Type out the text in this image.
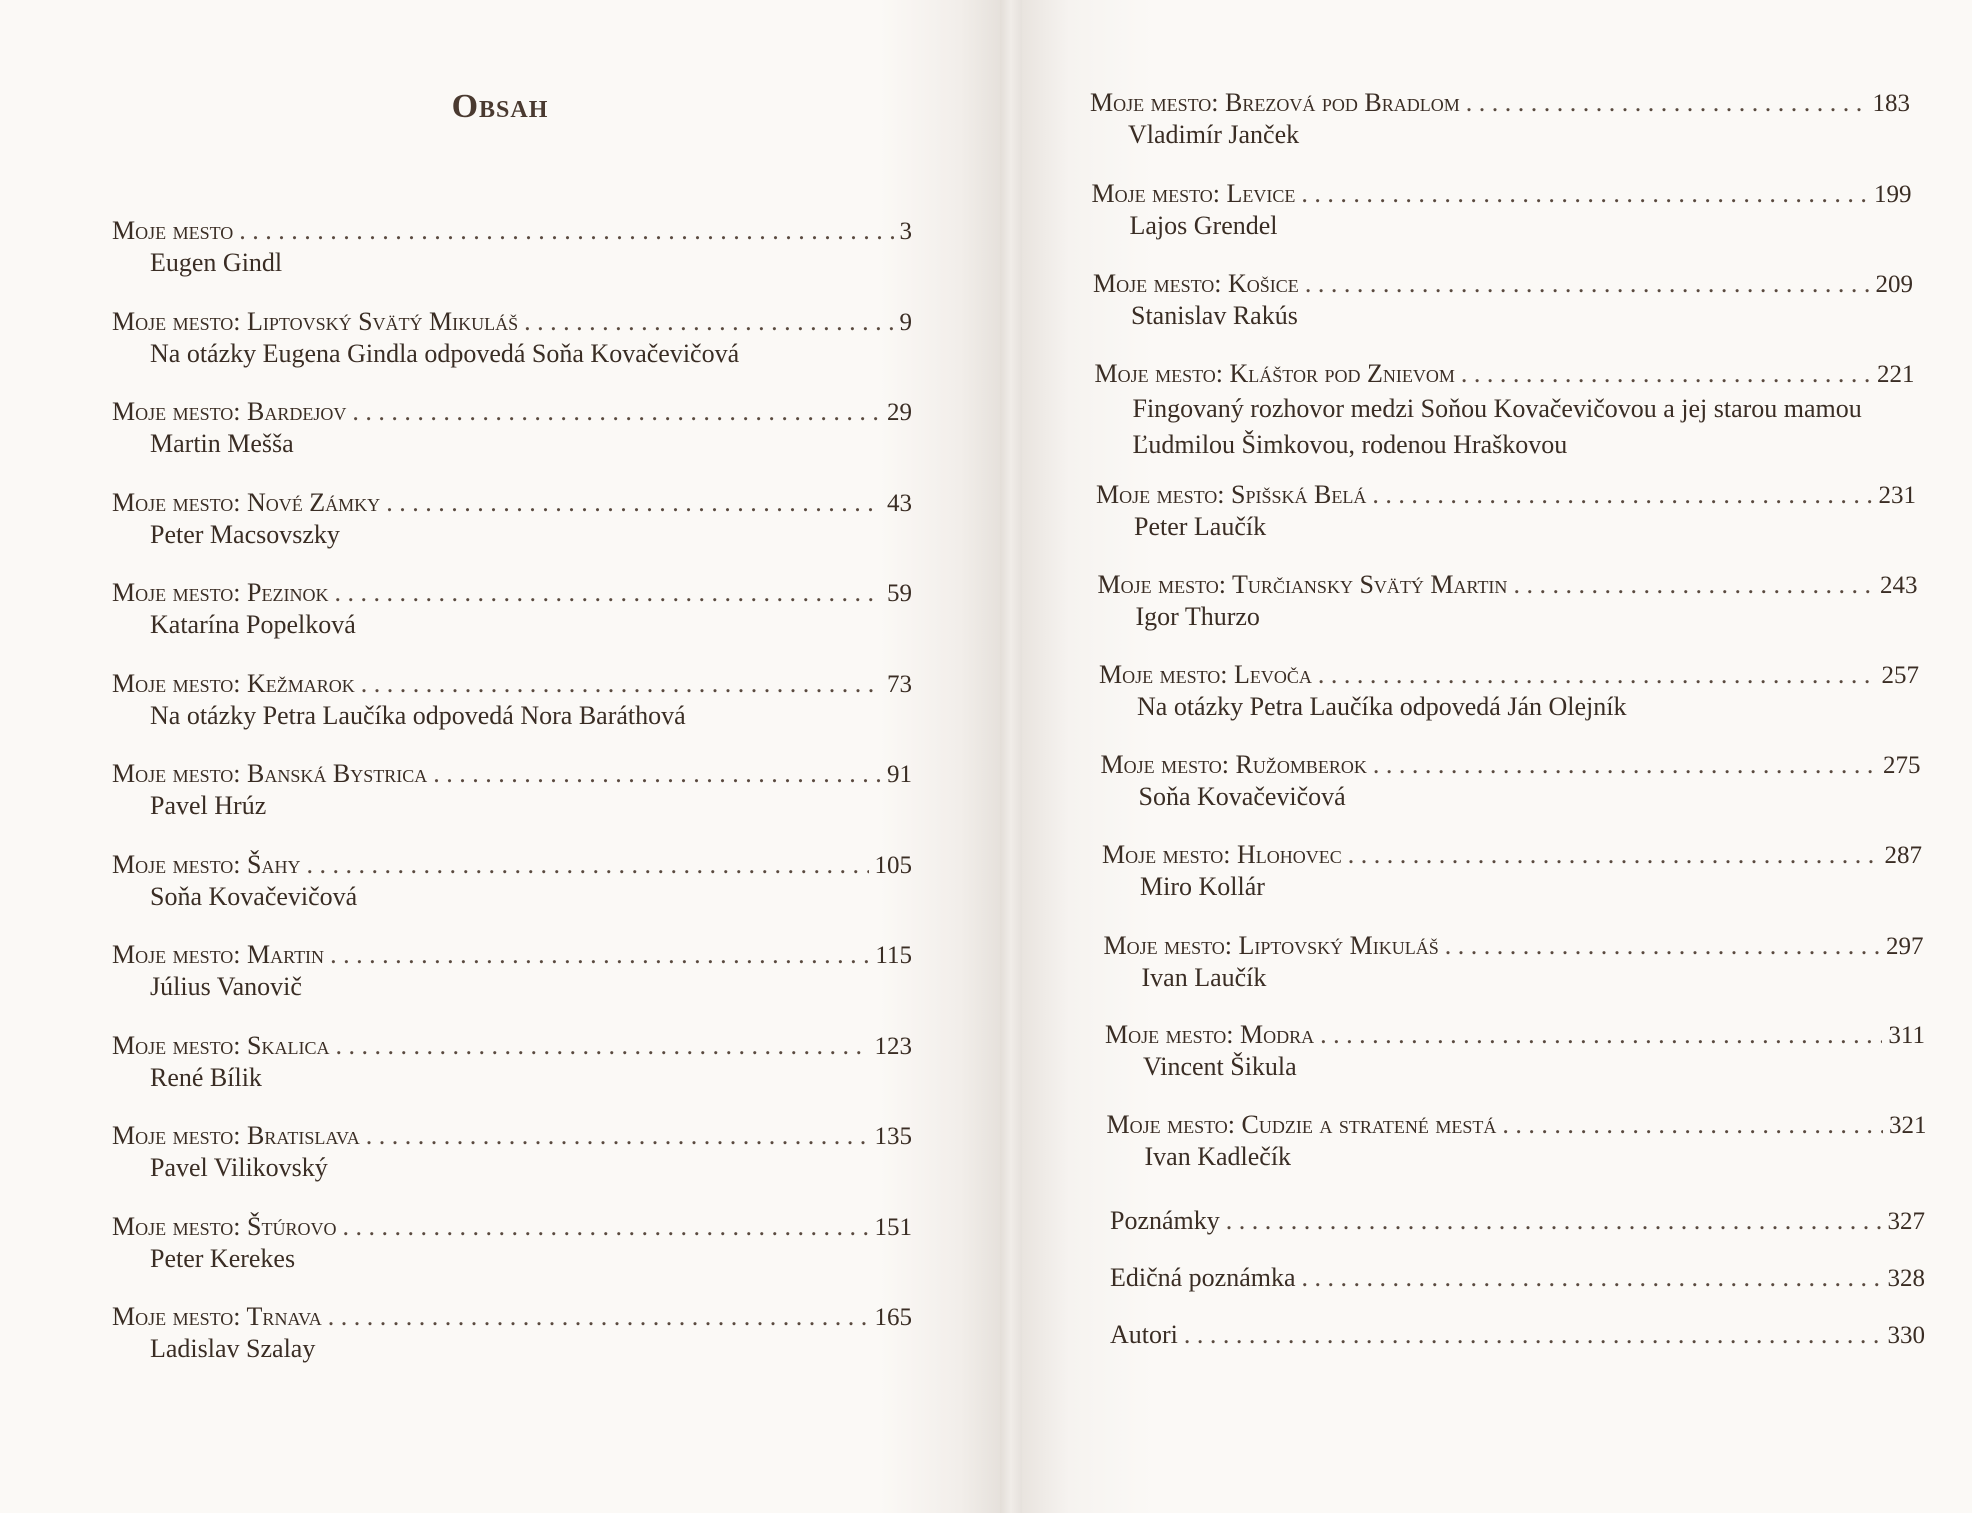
Obsah
Moje mesto . . .	3
Eugen Gindl
Moje mesto: Liptovský Svätý Mikuláš . . .	9
Na otázky Eugena Gindla odpovedá Soňa Kovačevičová
Moje mesto: Bardejov . . .	29
Martin Mešša
Moje mesto: Nové Zámky . . .	43
Peter Macsovszky
Moje mesto: Pezinok . . .	59
Katarína Popelková
Moje mesto: Kežmarok . . .	73
Na otázky Petra Laučíka odpovedá Nora Baráthová
Moje mesto: Banská Bystrica . . .	91
Pavel Hrúz
Moje mesto: Šahy . . .	105
Soňa Kovačevičová
Moje mesto: Martin . . .	115
Július Vanovič
Moje mesto: Skalica . . .	123
René Bílik
Moje mesto: Bratislava . . .	135
Pavel Vilikovský
Moje mesto: Štúrovo . . .	151
Peter Kerekes
Moje mesto: Trnava . . .	165
Ladislav Szalay
Moje mesto: Brezová pod Bradlom . . .	183
Vladimír Janček
Moje mesto: Levice . . .	199
Lajos Grendel
Moje mesto: Košice . . .	209
Stanislav Rakús
Moje mesto: Kláštor pod Znievom . . .	221
Fingovaný rozhovor medzi Soňou Kovačevičovou a jej starou mamou Ľudmilou Šimkovou, rodenou Hraškovou
Moje mesto: Spišská Belá . . .	231
Peter Laučík
Moje mesto: Turčiansky Svätý Martin . . .	243
Igor Thurzo
Moje mesto: Levoča . . .	257
Na otázky Petra Laučíka odpovedá Ján Olejník
Moje mesto: Ružomberok . . .	275
Soňa Kovačevičová
Moje mesto: Hlohovec . . .	287
Miro Kollár
Moje mesto: Liptovský Mikuláš . . .	297
Ivan Laučík
Moje mesto: Modra . . .	311
Vincent Šikula
Moje mesto: Cudzie a stratené mestá . . .	321
Ivan Kadlečík
Poznámky . . .	327
Edičná poznámka . . .	328
Autori . . .	330
